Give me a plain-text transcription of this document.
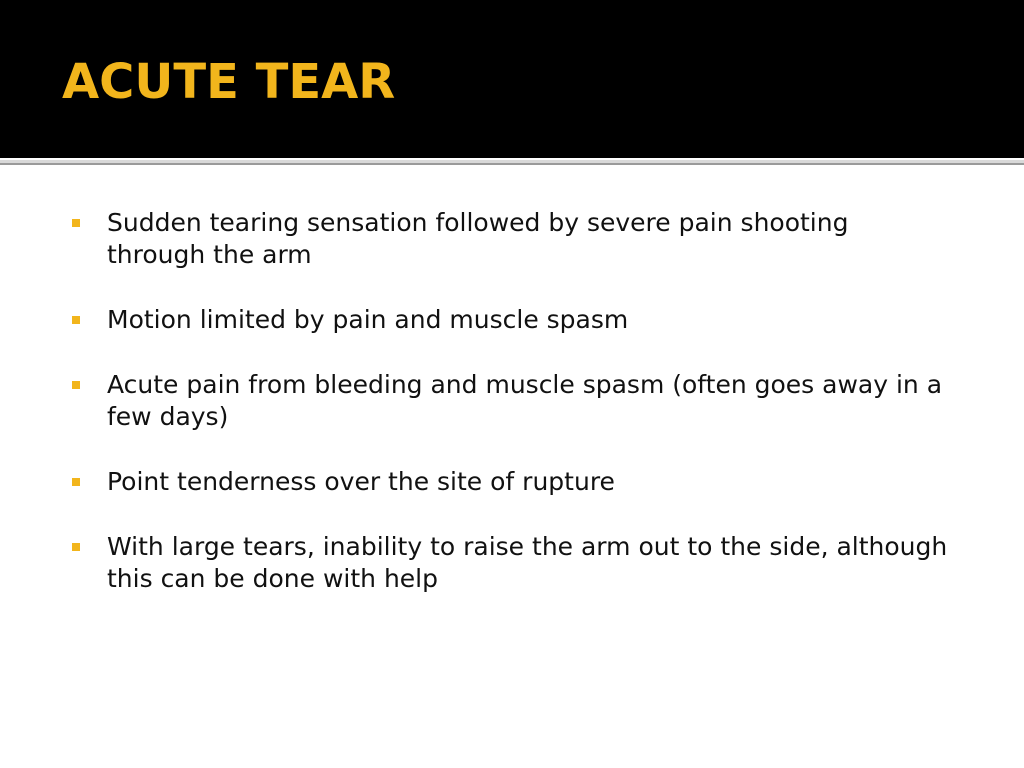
ACUTE TEAR
Sudden tearing sensation followed by severe pain shooting through the arm
Motion limited by pain and muscle spasm
Acute pain from bleeding and muscle spasm (often goes away in a few days)
Point tenderness over the site of rupture
With large tears, inability to raise the arm out to the side, although this can be done with help
